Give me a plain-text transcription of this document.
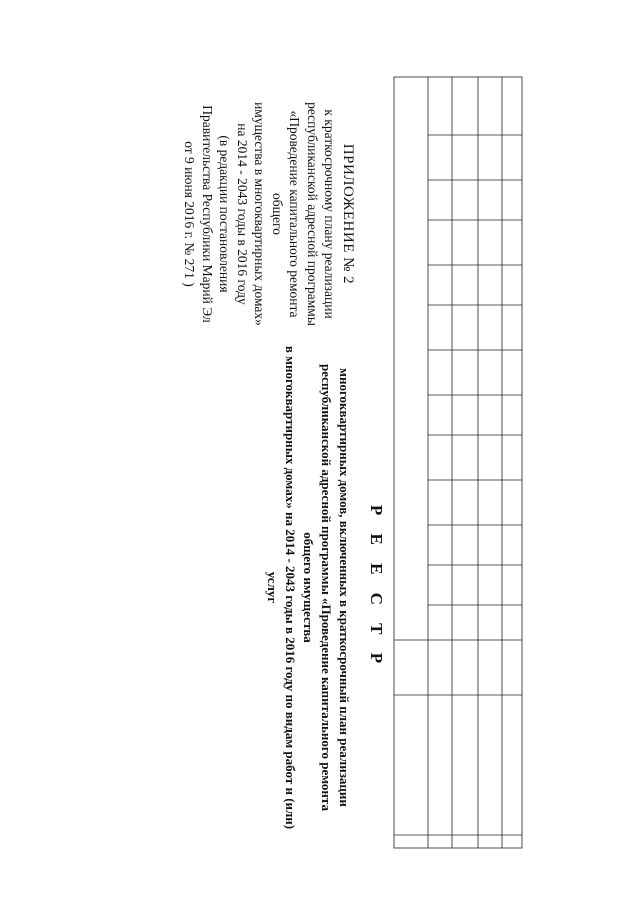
ПРИЛОЖЕНИЕ № 2
к краткосрочному плану реализации
республиканской адресной программы
«Проведение капитального ремонта общего
имущества в многоквартирных домах»
на 2014 - 2043 годы в 2016 году
(в редакции постановления
Правительства Республики Марий Эл
от 9 июня 2016 г. № 271 )
Р Е Е С Т Р
многоквартирных домов, включенных в краткосрочный план реализации
республиканской адресной программы «Проведение капитального ремонта общего имущества
в многоквартирных домах» на 2014 - 2043 годы в 2016 году по видам работ и (или) услуг
